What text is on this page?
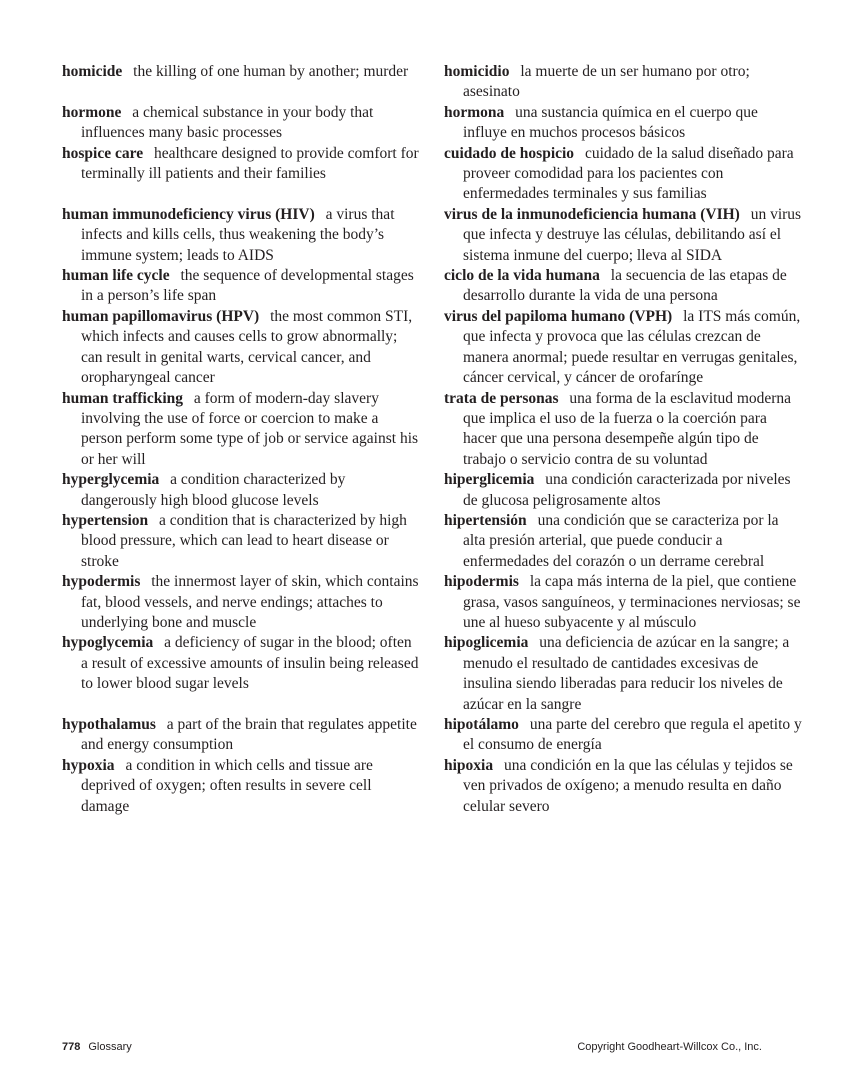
homicide the killing of one human by another; murder	homicidio la muerte de un ser humano por otro; asesinato

hormone a chemical substance in your body that influences many basic processes

hormona una sustancia química en el cuerpo que influye en muchos procesos básicos

hospice care healthcare designed to provide comfort for terminally ill patients and their families

cuidado de hospicio cuidado de la salud diseñado para proveer comodidad para los pacientes con enfermedades terminales y sus familias

human immunodeficiency virus (HIV) a virus that infects and kills cells, thus weakening the body’s immune system; leads to AIDS

virus de la inmunodeficiencia humana (VIH) un virus que infecta y destruye las células, debilitando así el sistema inmune del cuerpo; lleva al SIDA

human life cycle the sequence of developmental stages in a person’s life span

ciclo de la vida humana la secuencia de las etapas de desarrollo durante la vida de una persona

human papillomavirus (HPV) the most common STI, which infects and causes cells to grow abnormally; can result in genital warts, cervical cancer, and oropharyngeal cancer

virus del papiloma humano (VPH) la ITS más común, que infecta y provoca que las células crezcan de manera anormal; puede resultar en verrugas genitales, cáncer cervical, y cáncer de orofarínge

human trafficking a form of modern-day slavery involving the use of force or coercion to make a person perform some type of job or service against his or her will

trata de personas una forma de la esclavitud moderna que implica el uso de la fuerza o la coerción para hacer que una persona desempeñe algún tipo de trabajo o servicio contra de su voluntad

hyperglycemia a condition characterized by dangerously high blood glucose levels

hiperglicemia una condición caracterizada por niveles de glucosa peligrosamente altos

hypertension a condition that is characterized by high blood pressure, which can lead to heart disease or stroke

hipertensión una condición que se caracteriza por la alta presión arterial, que puede conducir a enfermedades del corazón o un derrame cerebral

hypodermis the innermost layer of skin, which contains fat, blood vessels, and nerve endings; attaches to underlying bone and muscle

hipodermis la capa más interna de la piel, que contiene grasa, vasos sanguíneos, y terminaciones nerviosas; se une al hueso subyacente y al músculo

hypoglycemia a deficiency of sugar in the blood; often a result of excessive amounts of insulin being released to lower blood sugar levels

hipoglicemia una deficiencia de azúcar en la sangre; a menudo el resultado de cantidades excesivas de insulina siendo liberadas para reducir los niveles de azúcar en la sangre

hypothalamus a part of the brain that regulates appetite and energy consumption

hipotálamo una parte del cerebro que regula el apetito y el consumo de energía

hypoxia a condition in which cells and tissue are deprived of oxygen; often results in severe cell damage

hipoxia una condición en la que las células y tejidos se ven privados de oxígeno; a menudo resulta en daño celular severo

778 Glossary	Copyright Goodheart-Willcox Co., Inc.
